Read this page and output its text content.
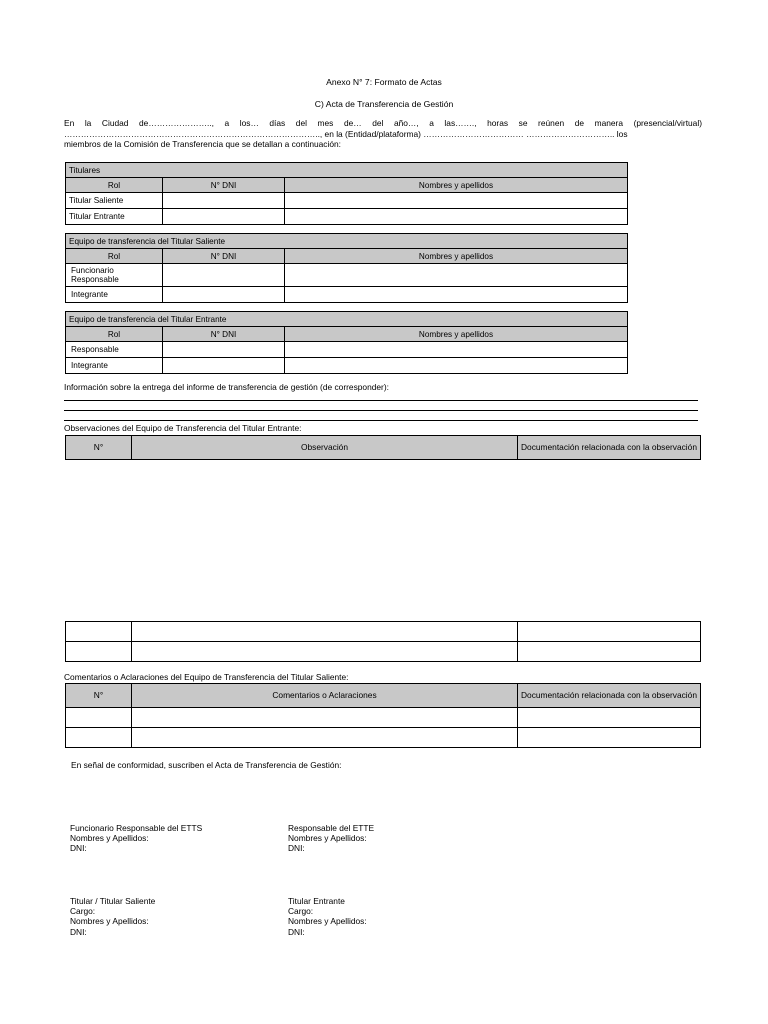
Anexo N° 7: Formato de Actas
C) Acta de Transferencia de Gestión
En la Ciudad de………………….., a los… días del mes de… del año…, a las……., horas se reúnen de manera (presencial/virtual) ……………………………………………………………………………….., en la (Entidad/plataforma) ……………………………… ………………………….. los
miembros de la Comisión de Transferencia que se detallan a continuación:
Titulares		
Rol	N° DNI	Nombres y apellidos
Titular Saliente		
Titular Entrante		
Equipo de transferencia del Titular Saliente		
Rol	N° DNI	Nombres y apellidos

Funcionario
Responsable		

Integrante		
Equipo de transferencia del Titular Entrante		
Rol	N° DNI	Nombres y apellidos
Responsable		
Integrante		
Información sobre la entrega del informe de transferencia de gestión (de corresponder):
Observaciones del Equipo de Transferencia del Titular Entrante:
N°	Observación	Documentación relacionada con la observación

Comentarios o Aclaraciones del Equipo de Transferencia del Titular Saliente:
N°	Comentarios o Aclaraciones	Documentación relacionada con la observación

En señal de conformidad, suscriben el Acta de Transferencia de Gestión:
Funcionario Responsable del ETTS
Nombres y Apellidos:
DNI:
Responsable del ETTE
Nombres y Apellidos:
DNI:
Titular / Titular Saliente
Cargo:
Nombres y Apellidos:
DNI:
Titular Entrante
Cargo:
Nombres y Apellidos:
DNI:
